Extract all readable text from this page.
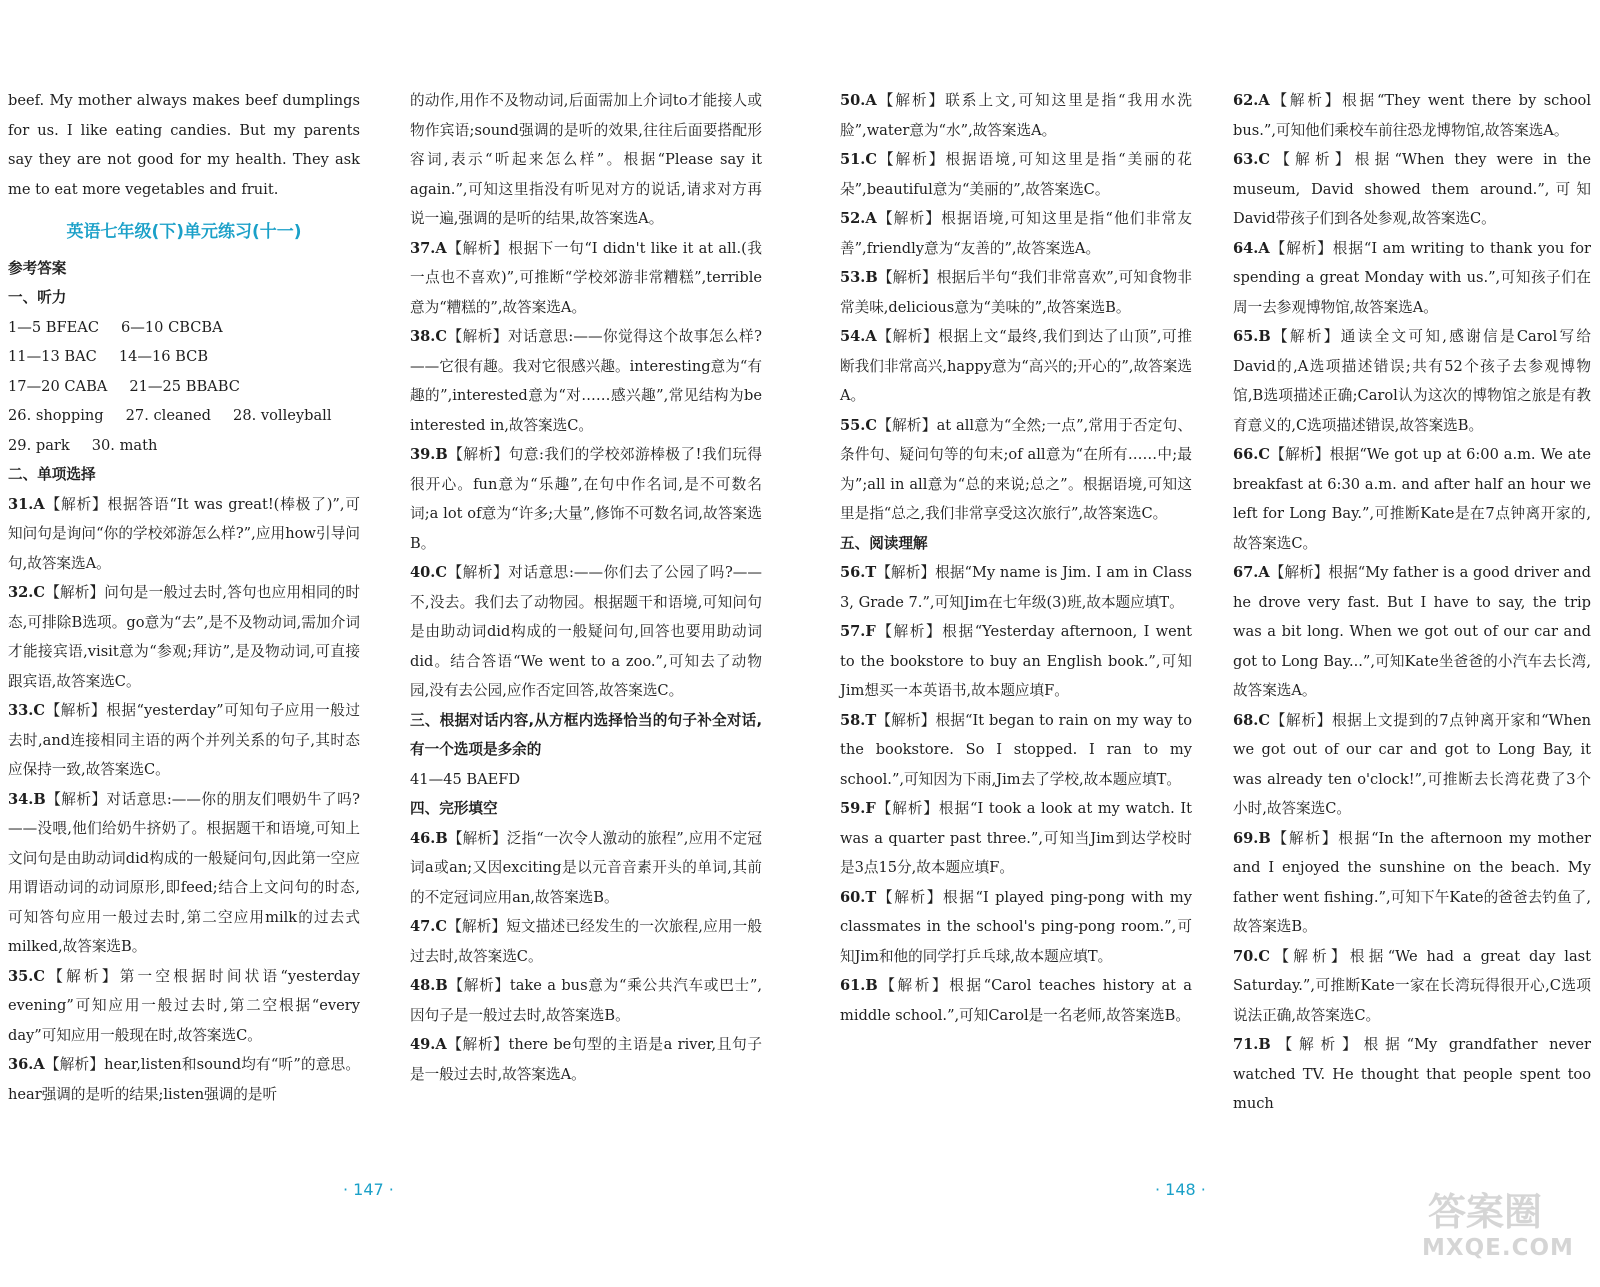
beef. My mother always makes beef dumplings for us. I like eating candies. But my parents say they are not good for my health. They ask me to eat more vegetables and fruit.

英语七年级(下)单元练习(十一)

参考答案

一、听力

1—5 BFEAC 6—10 CBCBA

11—13 BAC 14—16 BCB

17—20 CABA 21—25 BBABC

26. shopping 27. cleaned 28. volleyball

29. park 30. math

二、单项选择

31.A【解析】根据答语“It was great!(棒极了)”,可知问句是询问“你的学校郊游怎么样?”,应用how引导问句,故答案选A。

32.C【解析】问句是一般过去时,答句也应用相同的时态,可排除B选项。go意为“去”,是不及物动词,需加介词才能接宾语,visit意为“参观;拜访”,是及物动词,可直接跟宾语,故答案选C。

33.C【解析】根据“yesterday”可知句子应用一般过去时,and连接相同主语的两个并列关系的句子,其时态应保持一致,故答案选C。

34.B【解析】对话意思:——你的朋友们喂奶牛了吗?——没喂,他们给奶牛挤奶了。根据题干和语境,可知上文问句是由助动词did构成的一般疑问句,因此第一空应用谓语动词的动词原形,即feed;结合上文问句的时态,可知答句应用一般过去时,第二空应用milk的过去式milked,故答案选B。

35.C【解析】第一空根据时间状语“yesterday evening”可知应用一般过去时,第二空根据“every day”可知应用一般现在时,故答案选C。

36.A【解析】hear,listen和sound均有“听”的意思。hear强调的是听的结果;listen强调的是听

的动作,用作不及物动词,后面需加上介词to才能接人或物作宾语;sound强调的是听的效果,往往后面要搭配形容词,表示“听起来怎么样”。根据“Please say it again.”,可知这里指没有听见对方的说话,请求对方再说一遍,强调的是听的结果,故答案选A。

37.A【解析】根据下一句“I didn't like it at all.(我一点也不喜欢)”,可推断“学校郊游非常糟糕”,terrible意为“糟糕的”,故答案选A。

38.C【解析】对话意思:——你觉得这个故事怎么样?——它很有趣。我对它很感兴趣。interesting意为“有趣的”,interested意为“对……感兴趣”,常见结构为be interested in,故答案选C。

39.B【解析】句意:我们的学校郊游棒极了!我们玩得很开心。fun意为“乐趣”,在句中作名词,是不可数名词;a lot of意为“许多;大量”,修饰不可数名词,故答案选B。

40.C【解析】对话意思:——你们去了公园了吗?——不,没去。我们去了动物园。根据题干和语境,可知问句是由助动词did构成的一般疑问句,回答也要用助动词did。结合答语“We went to a zoo.”,可知去了动物园,没有去公园,应作否定回答,故答案选C。

三、根据对话内容,从方框内选择恰当的句子补全对话,有一个选项是多余的

41—45 BAEFD

四、完形填空

46.B【解析】泛指“一次令人激动的旅程”,应用不定冠词a或an;又因exciting是以元音音素开头的单词,其前的不定冠词应用an,故答案选B。

47.C【解析】短文描述已经发生的一次旅程,应用一般过去时,故答案选C。

48.B【解析】take a bus意为“乘公共汽车或巴士”,因句子是一般过去时,故答案选B。

49.A【解析】there be句型的主语是a river,且句子是一般过去时,故答案选A。

· 147 ·

50.A【解析】联系上文,可知这里是指“我用水洗脸”,water意为“水”,故答案选A。

51.C【解析】根据语境,可知这里是指“美丽的花朵”,beautiful意为“美丽的”,故答案选C。

52.A【解析】根据语境,可知这里是指“他们非常友善”,friendly意为“友善的”,故答案选A。

53.B【解析】根据后半句“我们非常喜欢”,可知食物非常美味,delicious意为“美味的”,故答案选B。

54.A【解析】根据上文“最终,我们到达了山顶”,可推断我们非常高兴,happy意为“高兴的;开心的”,故答案选A。

55.C【解析】at all意为“全然;一点”,常用于否定句、条件句、疑问句等的句末;of all意为“在所有……中;最为”;all in all意为“总的来说;总之”。根据语境,可知这里是指“总之,我们非常享受这次旅行”,故答案选C。

五、阅读理解

56.T【解析】根据“My name is Jim. I am in Class 3, Grade 7.”,可知Jim在七年级(3)班,故本题应填T。

57.F【解析】根据“Yesterday afternoon, I went to the bookstore to buy an English book.”,可知Jim想买一本英语书,故本题应填F。

58.T【解析】根据“It began to rain on my way to the bookstore. So I stopped. I ran to my school.”,可知因为下雨,Jim去了学校,故本题应填T。

59.F【解析】根据“I took a look at my watch. It was a quarter past three.”,可知当Jim到达学校时是3点15分,故本题应填F。

60.T【解析】根据“I played ping-pong with my classmates in the school's ping-pong room.”,可知Jim和他的同学打乒乓球,故本题应填T。

61.B【解析】根据“Carol teaches history at a middle school.”,可知Carol是一名老师,故答案选B。

62.A【解析】根据“They went there by school bus.”,可知他们乘校车前往恐龙博物馆,故答案选A。

63.C【解析】根据“When they were in the museum, David showed them around.”,可知David带孩子们到各处参观,故答案选C。

64.A【解析】根据“I am writing to thank you for spending a great Monday with us.”,可知孩子们在周一去参观博物馆,故答案选A。

65.B【解析】通读全文可知,感谢信是Carol写给David的,A选项描述错误;共有52个孩子去参观博物馆,B选项描述正确;Carol认为这次的博物馆之旅是有教育意义的,C选项描述错误,故答案选B。

66.C【解析】根据“We got up at 6:00 a.m. We ate breakfast at 6:30 a.m. and after half an hour we left for Long Bay.”,可推断Kate是在7点钟离开家的,故答案选C。

67.A【解析】根据“My father is a good driver and he drove very fast. But I have to say, the trip was a bit long. When we got out of our car and got to Long Bay...”,可知Kate坐爸爸的小汽车去长湾,故答案选A。

68.C【解析】根据上文提到的7点钟离开家和“When we got out of our car and got to Long Bay, it was already ten o'clock!”,可推断去长湾花费了3个小时,故答案选C。

69.B【解析】根据“In the afternoon my mother and I enjoyed the sunshine on the beach. My father went fishing.”,可知下午Kate的爸爸去钓鱼了,故答案选B。

70.C【解析】根据“We had a great day last Saturday.”,可推断Kate一家在长湾玩得很开心,C选项说法正确,故答案选C。

71.B【解析】根据“My grandfather never watched TV. He thought that people spent too much

· 148 ·
答案圈
MXQE.COM
